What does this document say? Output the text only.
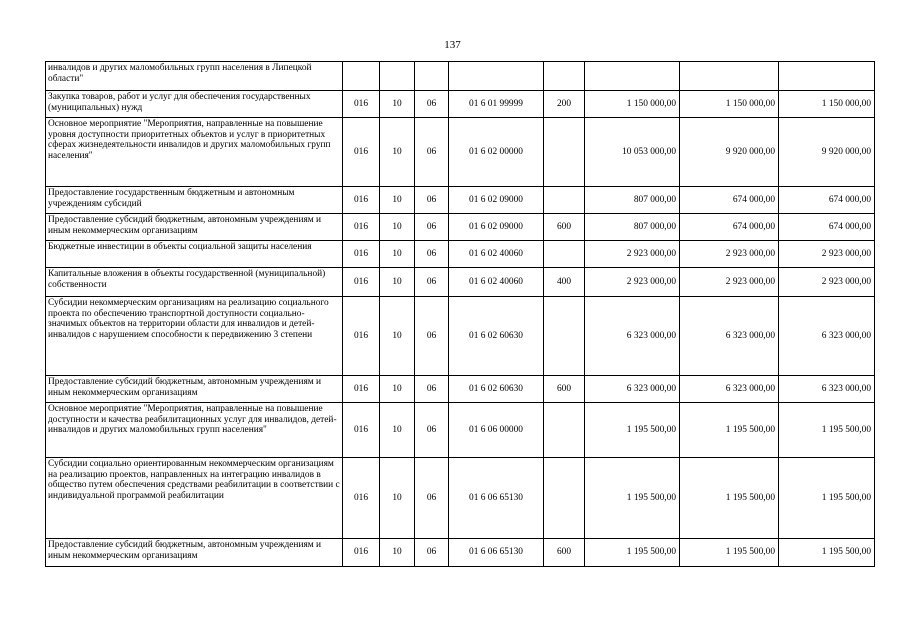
137
инвалидов и других маломобильных групп населения в Липецкой области"								
Закупка товаров, работ и услуг для обеспечения государственных (муниципальных) нужд	016	10	06	01 6 01 99999	200	1 150 000,00	1 150 000,00	1 150 000,00
Основное мероприятие "Мероприятия, направленные на повышение уровня доступности приоритетных объектов и услуг в приоритетных сферах жизнедеятельности инвалидов и других маломобильных групп населения"	016	10	06	01 6 02 00000		10 053 000,00	9 920 000,00	9 920 000,00
Предоставление государственным бюджетным и автономным учреждениям субсидий	016	10	06	01 6 02 09000		807 000,00	674 000,00	674 000,00
Предоставление субсидий бюджетным, автономным учреждениям и иным некоммерческим организациям	016	10	06	01 6 02 09000	600	807 000,00	674 000,00	674 000,00
Бюджетные инвестиции в объекты социальной защиты населения	016	10	06	01 6 02 40060		2 923 000,00	2 923 000,00	2 923 000,00
Капитальные вложения в объекты государственной (муниципальной) собственности	016	10	06	01 6 02 40060	400	2 923 000,00	2 923 000,00	2 923 000,00
Субсидии некоммерческим организациям на реализацию социального проекта по обеспечению транспортной доступности социально-значимых объектов на территории области для инвалидов и детей-инвалидов с нарушением способности к передвижению 3 степени	016	10	06	01 6 02 60630		6 323 000,00	6 323 000,00	6 323 000,00
Предоставление субсидий бюджетным, автономным учреждениям и иным некоммерческим организациям	016	10	06	01 6 02 60630	600	6 323 000,00	6 323 000,00	6 323 000,00
Основное мероприятие "Мероприятия, направленные на повышение доступности и качества реабилитационных услуг для инвалидов, детей-инвалидов и других маломобильных групп населения"	016	10	06	01 6 06 00000		1 195 500,00	1 195 500,00	1 195 500,00
Субсидии социально ориентированным некоммерческим организациям на реализацию проектов, направленных на интеграцию инвалидов в общество путем обеспечения средствами реабилитации в соответствии с индивидуальной программой реабилитации	016	10	06	01 6 06 65130		1 195 500,00	1 195 500,00	1 195 500,00
Предоставление субсидий бюджетным, автономным учреждениям и иным некоммерческим организациям	016	10	06	01 6 06 65130	600	1 195 500,00	1 195 500,00	1 195 500,00
